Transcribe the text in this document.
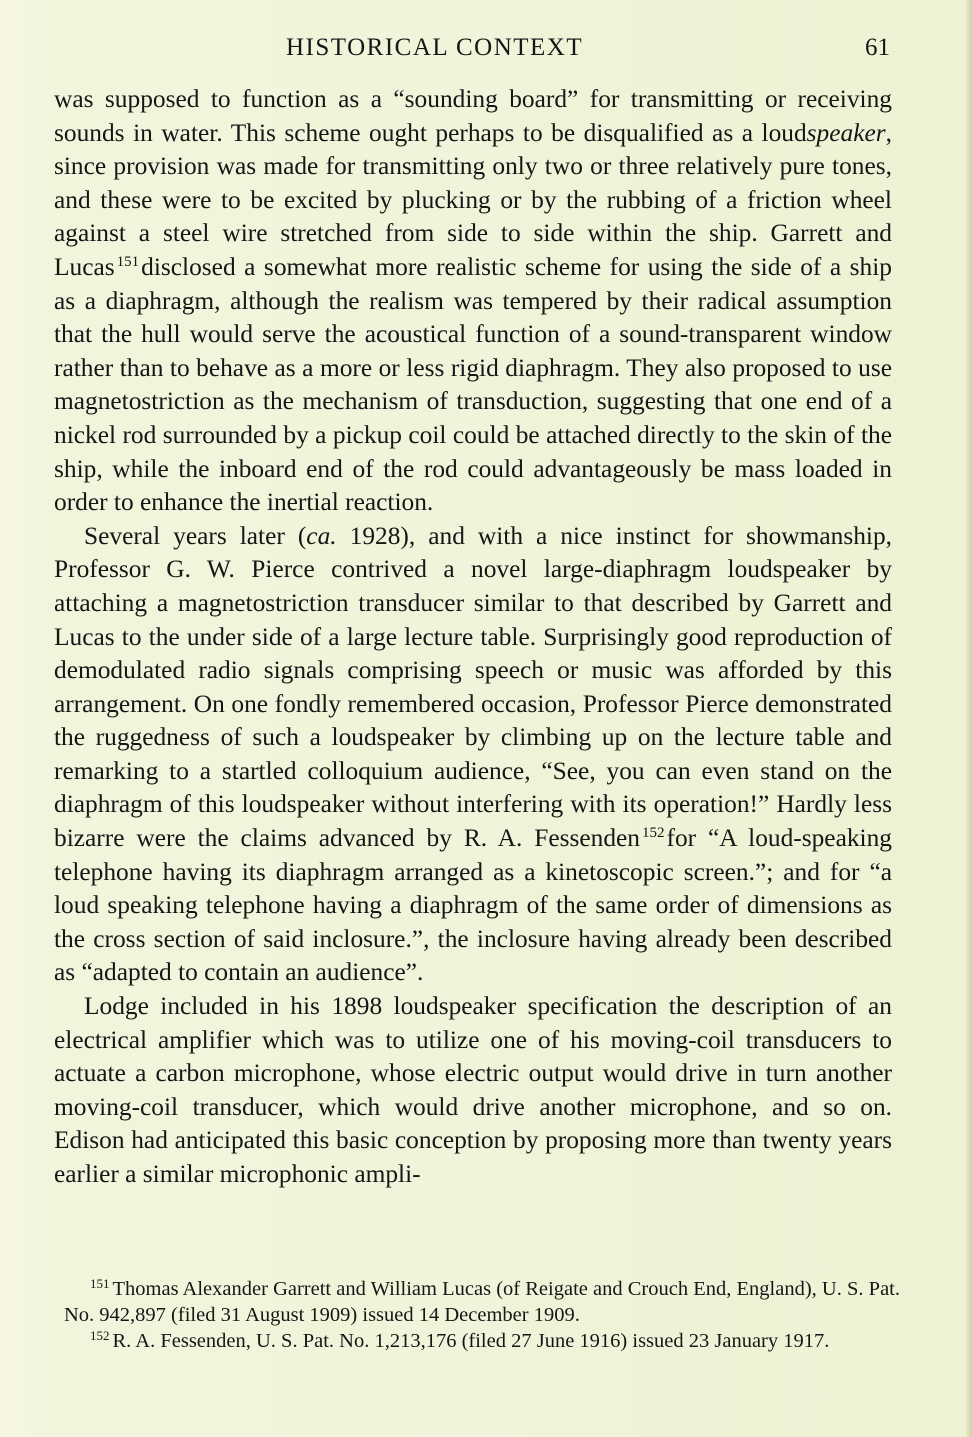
HISTORICAL CONTEXT	61

was supposed to function as a “sounding board” for transmitting or receiving sounds in water. This scheme ought perhaps to be disqualified as a loudspeaker, since provision was made for transmitting only two or three relatively pure tones, and these were to be excited by plucking or by the rubbing of a friction wheel against a steel wire stretched from side to side within the ship. Garrett and Lucas $^{151}$disclosed a somewhat more realistic scheme for using the side of a ship as a diaphragm, although the realism was tempered by their radical assumption that the hull would serve the acoustical function of a sound-transparent window rather than to behave as a more or less rigid diaphragm. They also proposed to use magnetostriction as the mechanism of transduction, suggesting that one end of a nickel rod surrounded by a pickup coil could be attached directly to the skin of the ship, while the inboard end of the rod could advantageously be mass loaded in order to enhance the inertial reaction.

Several years later (ca. 1928), and with a nice instinct for showmanship, Professor G. W. Pierce contrived a novel large-diaphragm loudspeaker by attaching a magnetostriction transducer similar to that described by Garrett and Lucas to the under side of a large lecture table. Surprisingly good reproduction of demodulated radio signals comprising speech or music was afforded by this arrangement. On one fondly remembered occasion, Professor Pierce demonstrated the ruggedness of such a loudspeaker by climbing up on the lecture table and remarking to a startled colloquium audience, “See, you can even stand on the diaphragm of this loudspeaker without interfering with its operation!” Hardly less bizarre were the claims advanced by R. A. Fessenden $^{152}$for “A loud-speaking telephone having its diaphragm arranged as a kinetoscopic screen.”; and for “a loud speaking telephone having a diaphragm of the same order of dimensions as the cross section of said inclosure.”, the inclosure having already been described as “adapted to contain an audience”.

Lodge included in his 1898 loudspeaker specification the description of an electrical amplifier which was to utilize one of his moving-coil transducers to actuate a carbon microphone, whose electric output would drive in turn another moving-coil transducer, which would drive another microphone, and so on. Edison had anticipated this basic conception by proposing more than twenty years earlier a similar microphonic ampli-

$^{151}$ Thomas Alexander Garrett and William Lucas (of Reigate and Crouch End, England), U. S. Pat. No. 942,897 (filed 31 August 1909) issued 14 December 1909.

$^{152}$ R. A. Fessenden, U. S. Pat. No. 1,213,176 (filed 27 June 1916) issued 23 January 1917.
